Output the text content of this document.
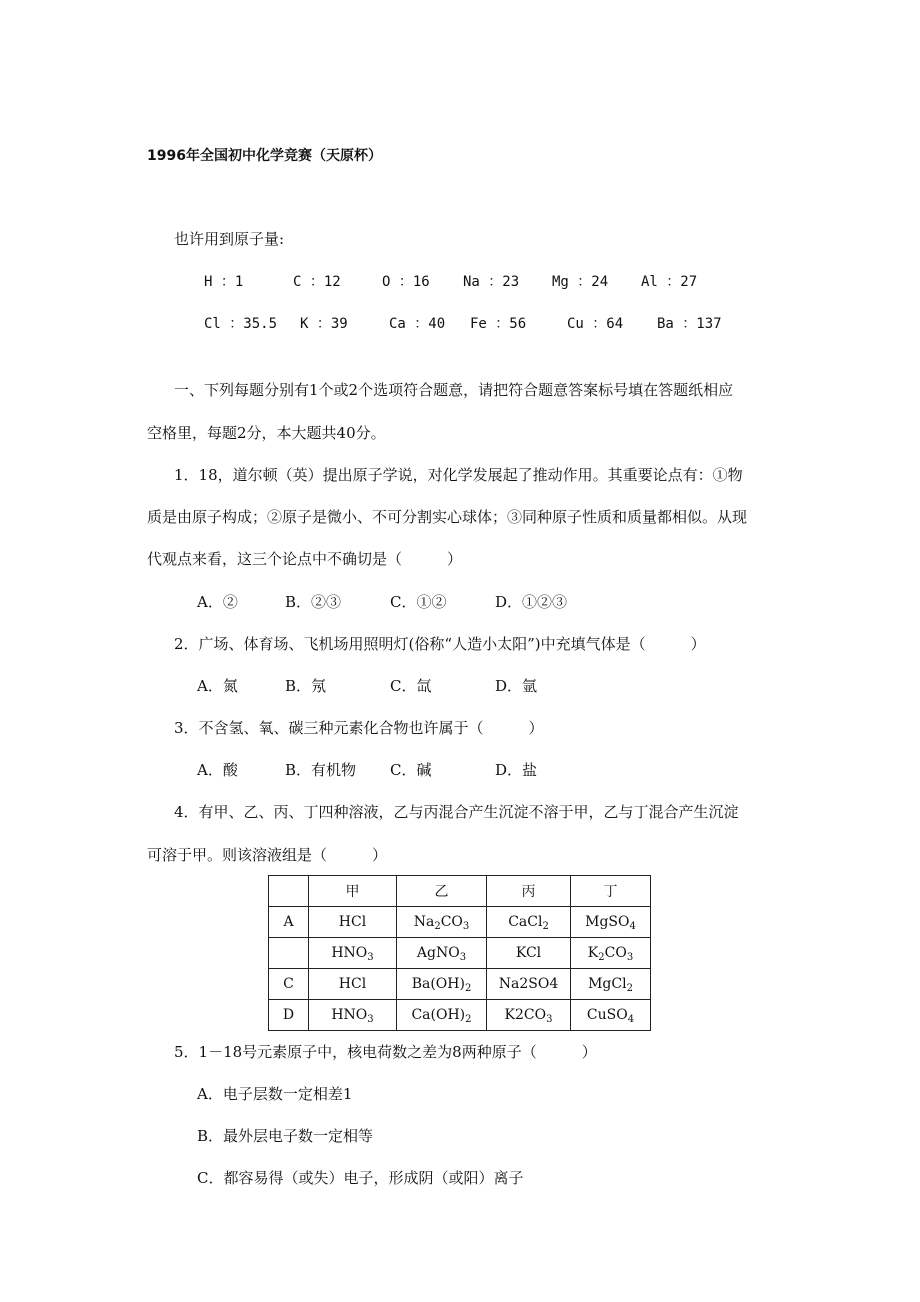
1996年全国初中化学竞赛（天原杯）
也许用到原子量:
H ：1	C ：12	O ：16 Na ：23 Mg ：24 Al ：27
Cl ：35.5 K ：39	Ca ：40 Fe ：56	Cu ：64 Ba ：137
一、下列每题分别有1个或2个选项符合题意，请把符合题意答案标号填在答题纸相应
空格里，每题2分，本大题共40分。
1．18，道尔顿（英）提出原子学说，对化学发展起了推动作用。其重要论点有：①物
质是由原子构成；②原子是微小、不可分割实心球体；③同种原子性质和质量都相似。从现
代观点来看，这三个论点中不确切是（　　　）
A．②	B．②③	C．①②	D．①②③
2．广场、体育场、飞机场用照明灯(俗称“人造小太阳”)中充填气体是（　　　）
A．氮	B．氖	C．氙	D．氩
3．不含氢、氧、碳三种元素化合物也许属于（　　　）
A．酸	B．有机物 C．碱	D．盐
4．有甲、乙、丙、丁四种溶液，乙与丙混合产生沉淀不溶于甲，乙与丁混合产生沉淀
可溶于甲。则该溶液组是（　　　）
	甲	乙	丙	丁
A	HCl	$Na_2CO_3$	CaCl$_2$	MgSO$_4$
	$HNO_3$	AgNO$_3$	KCl	$K_2CO_3$
C	HCl	$Ba(OH)_2$	Na2SO4	MgCl$_2$
D	$HNO_3$	$Ca(OH)_2$	$K2CO_3$	CuSO$_4$
5．1－18号元素原子中，核电荷数之差为8两种原子（　　　）
A．电子层数一定相差1
B．最外层电子数一定相等
C．都容易得（或失）电子，形成阴（或阳）离子
